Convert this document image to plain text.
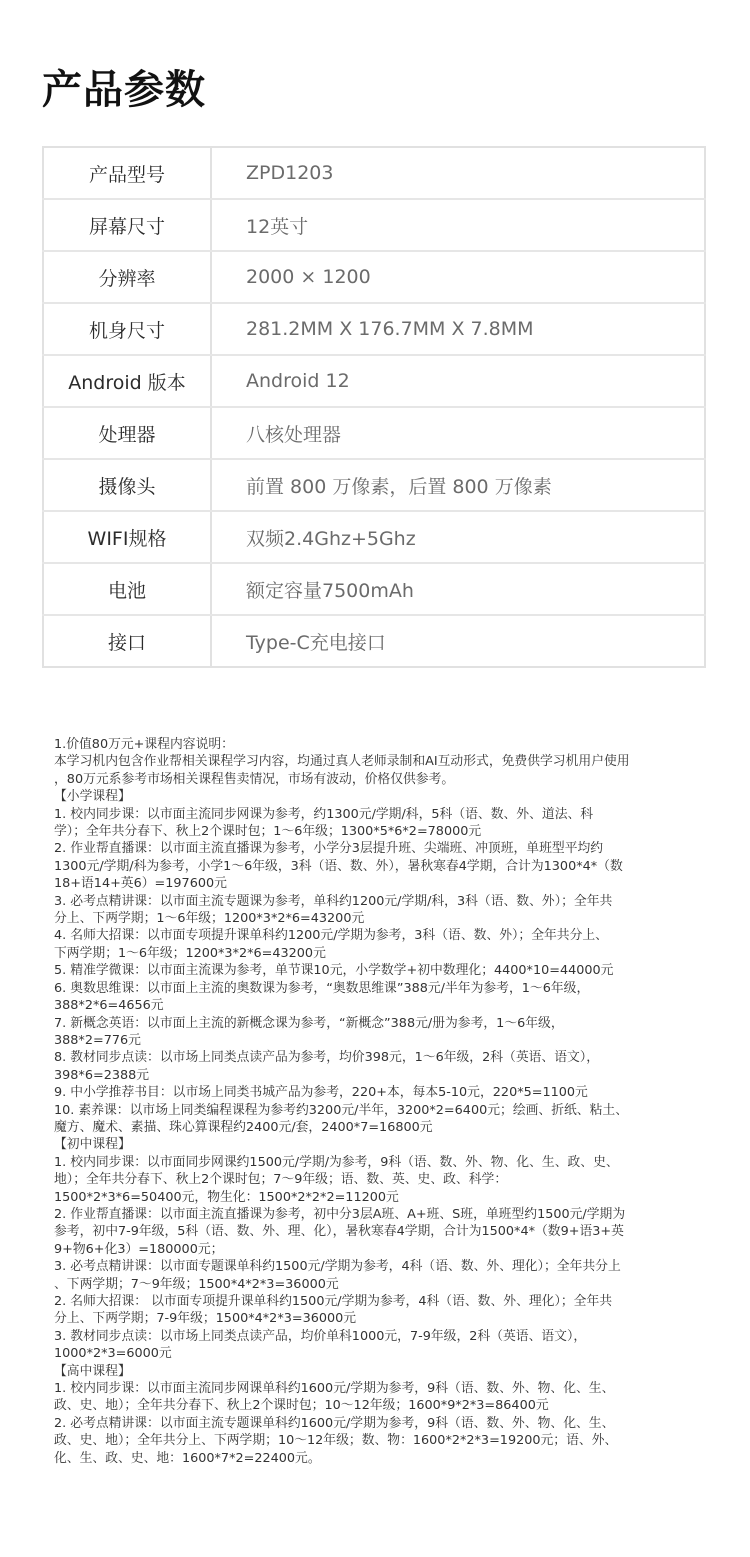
产品参数
产品型号	ZPD1203
屏幕尺寸	12英寸
分辨率	2000 × 1200
机身尺寸	281.2MM X 176.7MM X 7.8MM
Android 版本	Android 12
处理器	八核处理器
摄像头	前置 800 万像素，后置 800 万像素
WIFI规格	双频2.4Ghz+5Ghz
电池	额定容量7500mAh
接口	Type-C充电接口
1.价值80万元+课程内容说明：
本学习机内包含作业帮相关课程学习内容，均通过真人老师录制和AI互动形式，免费供学习机用户使用
，80万元系参考市场相关课程售卖情况，市场有波动，价格仅供参考。
【小学课程】
1. 校内同步课：以市面主流同步网课为参考，约1300元/学期/科，5科（语、数、外、道法、科
学）；全年共分春下、秋上2个课时包；1～6年级；1300*5*6*2=78000元
2. 作业帮直播课：以市面主流直播课为参考，小学分3层提升班、尖端班、冲顶班，单班型平均约
1300元/学期/科为参考，小学1～6年级，3科（语、数、外），暑秋寒春4学期，合计为1300*4*（数
18+语14+英6）=197600元
3. 必考点精讲课：以市面主流专题课为参考，单科约1200元/学期/科，3科（语、数、外）；全年共
分上、下两学期；1～6年级；1200*3*2*6=43200元
4. 名师大招课：以市面专项提升课单科约1200元/学期为参考，3科（语、数、外）；全年共分上、
下两学期；1～6年级；1200*3*2*6=43200元
5. 精准学微课：以市面主流课为参考，单节课10元，小学数学+初中数理化；4400*10=44000元
6. 奥数思维课：以市面上主流的奥数课为参考，“奥数思维课”388元/半年为参考，1～6年级，
388*2*6=4656元
7. 新概念英语：以市面上主流的新概念课为参考，“新概念”388元/册为参考，1～6年级，
388*2=776元
8. 教材同步点读：以市场上同类点读产品为参考，均价398元，1～6年级，2科（英语、语文），
398*6=2388元
9. 中小学推荐书目：以市场上同类书城产品为参考，220+本，每本5-10元，220*5=1100元
10. 素养课：以市场上同类编程课程为参考约3200元/半年，3200*2=6400元；绘画、折纸、粘土、
魔方、魔术、素描、珠心算课程约2400元/套，2400*7=16800元
【初中课程】
1. 校内同步课：以市面同步网课约1500元/学期/为参考，9科（语、数、外、物、化、生、政、史、
地）；全年共分春下、秋上2个课时包；7～9年级；语、数、英、史、政、科学：
1500*2*3*6=50400元，物生化：1500*2*2*2=11200元
2. 作业帮直播课：以市面主流直播课为参考，初中分3层A班、A+班、S班，单班型约1500元/学期为
参考，初中7-9年级，5科（语、数、外、理、化），暑秋寒春4学期，合计为1500*4*（数9+语3+英
9+物6+化3）=180000元；
3. 必考点精讲课：以市面专题课单科约1500元/学期为参考，4科（语、数、外、理化）；全年共分上
、下两学期；7～9年级；1500*4*2*3=36000元
2. 名师大招课： 以市面专项提升课单科约1500元/学期为参考，4科（语、数、外、理化）；全年共
分上、下两学期；7-9年级；1500*4*2*3=36000元
3. 教材同步点读：以市场上同类点读产品，均价单科1000元，7-9年级，2科（英语、语文），
1000*2*3=6000元
【高中课程】
1. 校内同步课：以市面主流同步网课单科约1600元/学期为参考，9科（语、数、外、物、化、生、
政、史、地）；全年共分春下、秋上2个课时包；10～12年级；1600*9*2*3=86400元
2. 必考点精讲课：以市面主流专题课单科约1600元/学期为参考，9科（语、数、外、物、化、生、
政、史、地）；全年共分上、下两学期；10～12年级；数、物：1600*2*2*3=19200元；语、外、
化、生、政、史、地：1600*7*2=22400元。
